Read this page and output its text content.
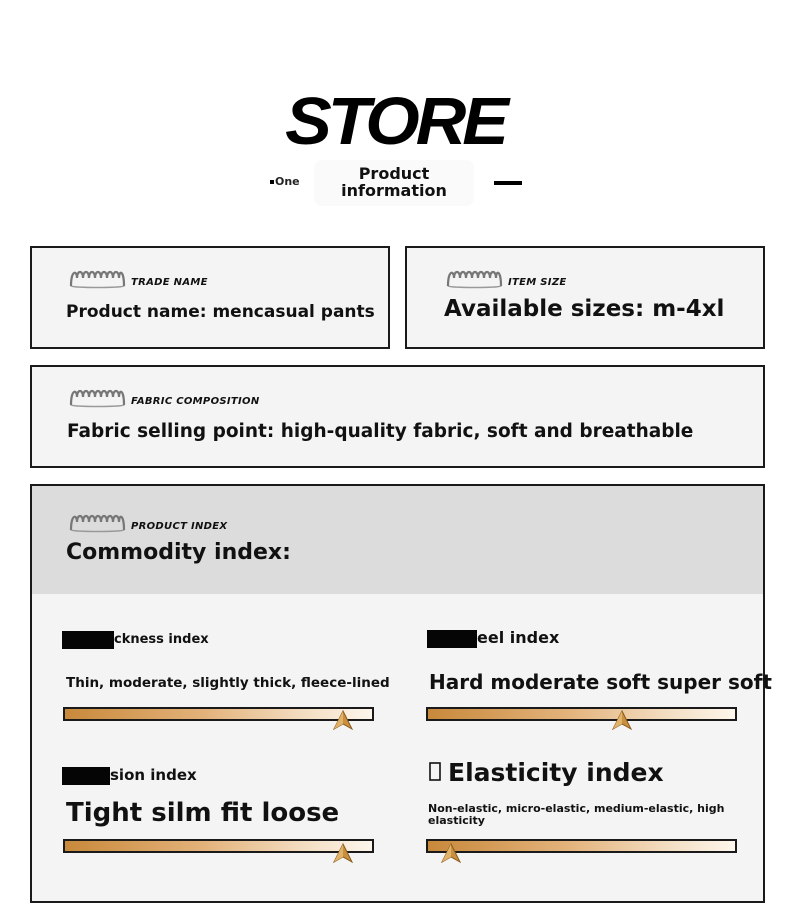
STORE
One	Product information
TRADE NAME
Product name: mencasual pants
ITEM SIZE
Available sizes: m-4xl
FABRIC COMPOSITION
Fabric selling point: high-quality fabric, soft and breathable
PRODUCT INDEX
Commodity index:
ckness index
Thin, moderate, slightly thick, fleece-lined
eel index
Hard moderate soft super soft
sion index
Tight silm fit loose
Elasticity index
Non-elastic, micro-elastic, medium-elastic, high elasticity
